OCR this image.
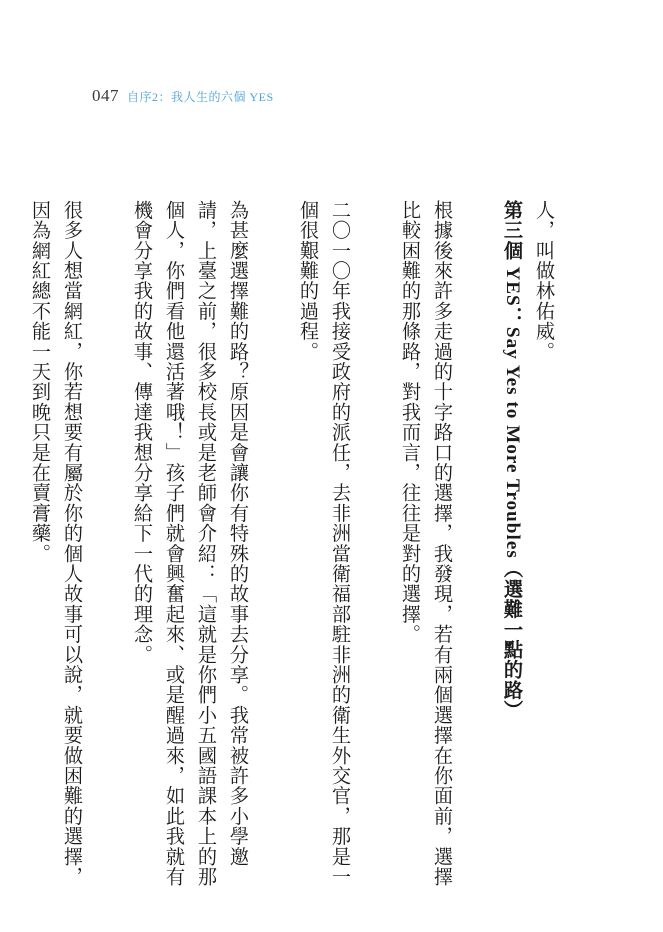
047 自序2：我人生的六個 YES

人，叫做林佑威。

第三個 YES：Say Yes to More Troubles（選難一點的路）

根據後來許多走過的十字路口的選擇，我發現，若有兩個選擇在你面前，選擇比較困難的那條路，對我而言，往往是對的選擇。

二〇一〇年我接受政府的派任，去非洲當衛福部駐非洲的衛生外交官，那是一個很艱難的過程。

為甚麼選擇難的路？原因是會讓你有特殊的故事去分享。我常被許多小學邀請，上臺之前，很多校長或是老師會介紹：「這就是你們小五國語課本上的那個人，你們看他還活著哦！」孩子們就會興奮起來、或是醒過來，如此我就有機會分享我的故事、傳達我想分享給下一代的理念。

很多人想當網紅，你若想要有屬於你的個人故事可以說，就要做困難的選擇，因為網紅總不能一天到晚只是在賣膏藥。
